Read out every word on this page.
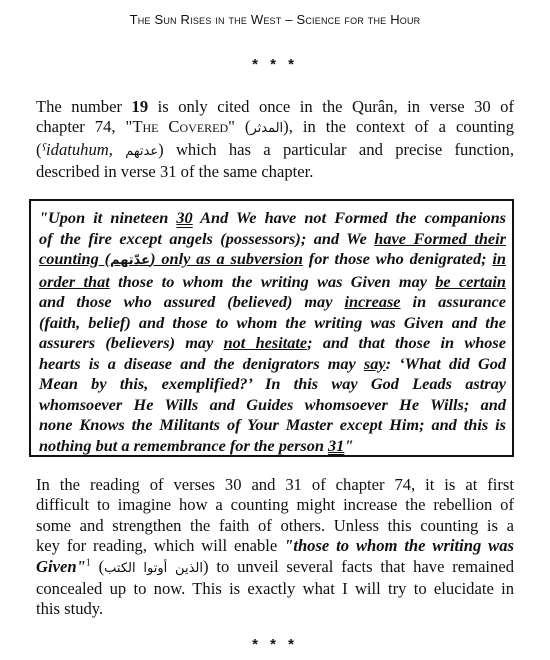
The Sun Rises in the West – Science for the Hour
* * *
The number 19 is only cited once in the Qurân, in verse 30 of
chapter 74, "The Covered" (المدثر), in the context of a counting
(ˁidatuhum, عدتهم) which has a particular and precise function,
described in verse 31 of the same chapter.
"Upon it nineteen 30 And We have not Formed the companions
of the fire except angels (possessors); and We have Formed their
counting (عدّتهم) only as a subversion for those who denigrated; in
order that those to whom the writing was Given may be certain
and those who assured (believed) may increase in assurance
(faith, belief) and those to whom the writing was Given and the
assurers (believers) may not hesitate; and that those in whose
hearts is a disease and the denigrators may say: ‘What did God
Mean by this, exemplified?’ In this way God Leads astray
whomsoever He Wills and Guides whomsoever He Wills; and
none Knows the Militants of Your Master except Him; and this is
nothing but a remembrance for the person 31"
In the reading of verses 30 and 31 of chapter 74, it is at first
difficult to imagine how a counting might increase the rebellion of
some and strengthen the faith of others. Unless this counting is a
key for reading, which will enable "those to whom the writing was
Given"$^1$ (الذين أوتوا الكتب) to unveil several facts that have remained
concealed up to now. This is exactly what I will try to elucidate in
this study.
* * *
